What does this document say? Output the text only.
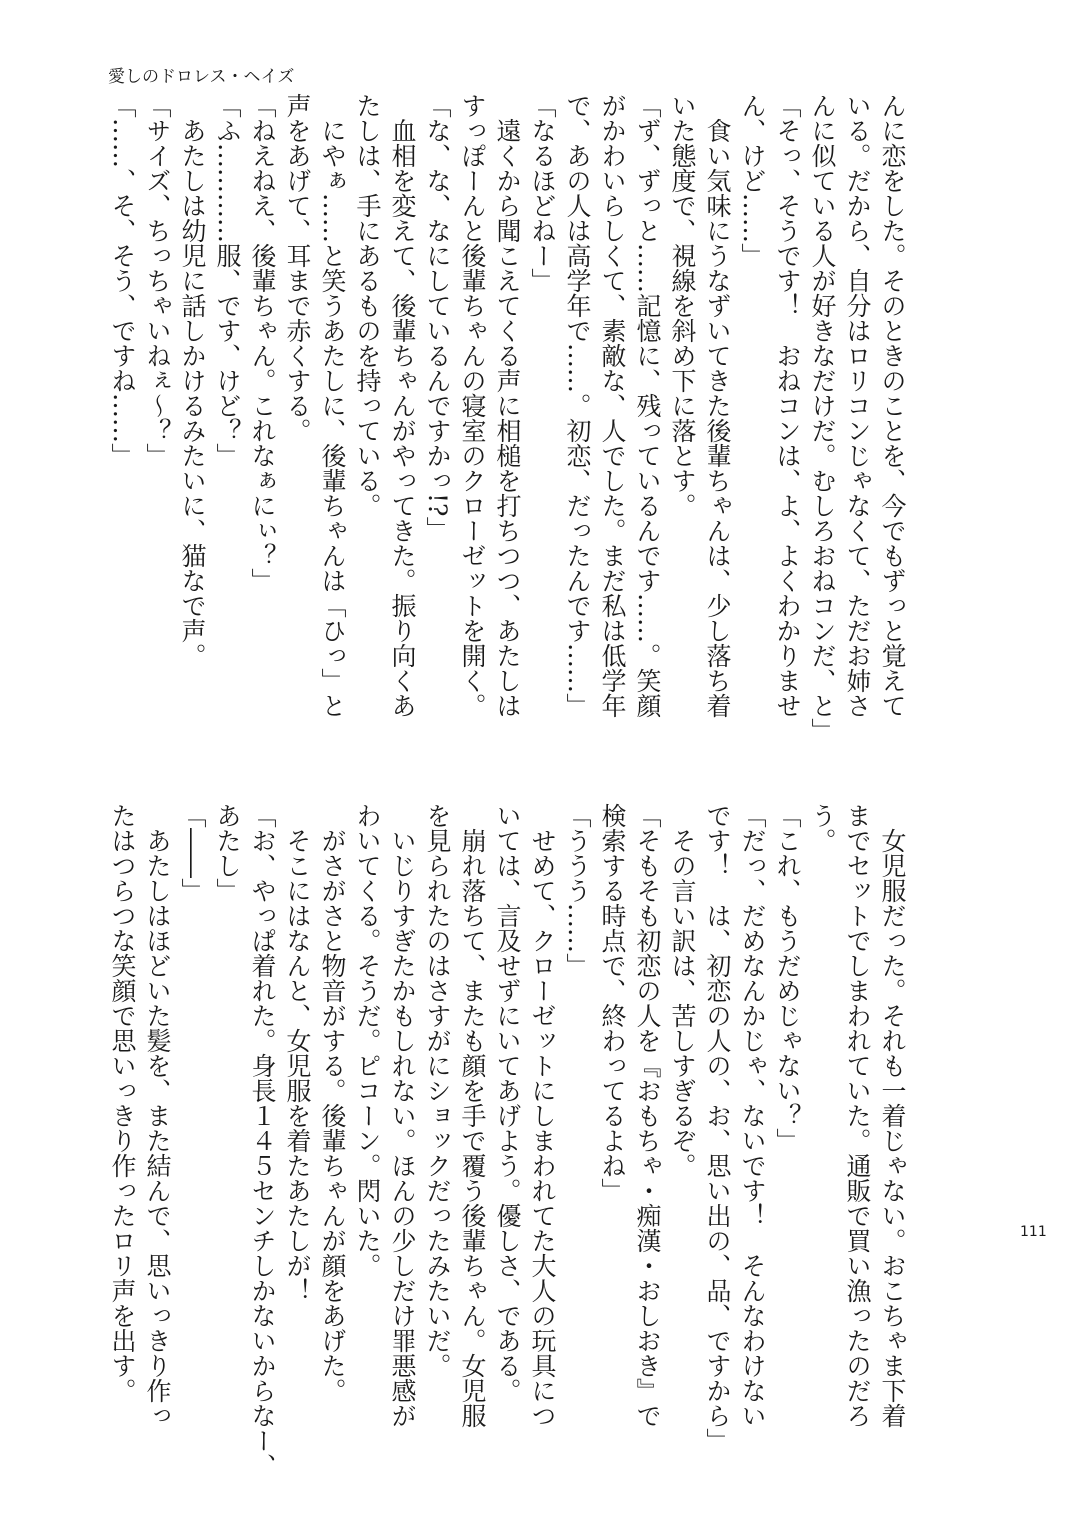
愛しのドロレス・ヘイズ
んに恋をした。そのときのことを、今でもずっと覚えて
いる。だから、自分はロリコンじゃなくて、ただお姉さ
んに似ている人が好きなだけだ。むしろおねコンだ、と」
「そっ、そうです！　おねコンは、よ、よくわかりませ
ん、けど……」
　食い気味にうなずいてきた後輩ちゃんは、少し落ち着
いた態度で、視線を斜め下に落とす。
「ず、ずっと……記憶に、残っているんです……。笑顔
がかわいらしくて、素敵な、人でした。まだ私は低学年
で、あの人は高学年で……。初恋、だったんです……」
「なるほどねー」
　遠くから聞こえてくる声に相槌を打ちつつ、あたしは
すっぽーんと後輩ちゃんの寝室のクローゼットを開く。
「な、な、なにしているんですかっ!?」
　血相を変えて、後輩ちゃんがやってきた。振り向くあ
たしは、手にあるものを持っている。
　にやぁ……と笑うあたしに、後輩ちゃんは「ひっ」と
声をあげて、耳まで赤くする。
「ねえねえ、後輩ちゃん。これなぁにぃ？」
「ふ…………服、です、けど？」
　あたしは幼児に話しかけるみたいに、猫なで声。
「サイズ、ちっちゃいねぇ～？」
「……、そ、そう、ですね……」
　女児服だった。それも一着じゃない。おこちゃま下着
までセットでしまわれていた。通販で買い漁ったのだろ
う。
「これ、もうだめじゃない？」
「だっ、だめなんかじゃ、ないです！　そんなわけない
です！　は、初恋の人の、お、思い出の、品、ですから」
　その言い訳は、苦しすぎるぞ。
「そもそも初恋の人を『おもちゃ・痴漢・おしおき』で
検索する時点で、終わってるよね」
「ううう……」
　せめて、クローゼットにしまわれてた大人の玩具につ
いては、言及せずにいてあげよう。優しさ、である。
　崩れ落ちて、またも顔を手で覆う後輩ちゃん。女児服
を見られたのはさすがにショックだったみたいだ。
　いじりすぎたかもしれない。ほんの少しだけ罪悪感が
わいてくる。そうだ。ピコーン。閃いた。
　がさがさと物音がする。後輩ちゃんが顔をあげた。
　そこにはなんと、女児服を着たあたしが！
「お、やっぱ着れた。身長１４５センチしかないからなー、
あたし」
「――」
　あたしはほどいた髪を、また結んで、思いっきり作っ
たはつらつな笑顔で思いっきり作ったロリ声を出す。	111
